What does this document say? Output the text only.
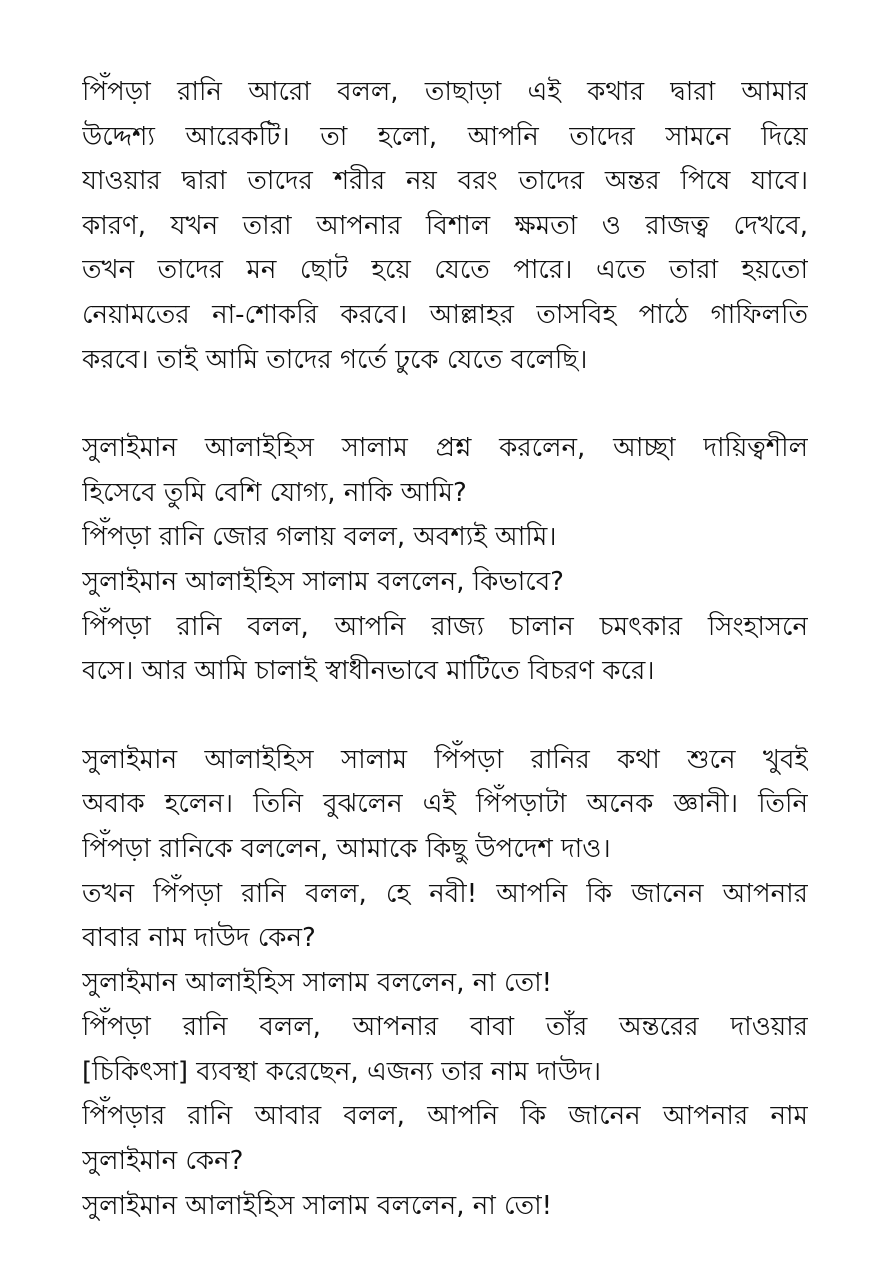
পিঁপড়া রানি আরো বলল, তাছাড়া এই কথার দ্বারা আমার
উদ্দেশ্য আরেকটি। তা হলো, আপনি তাদের সামনে দিয়ে
যাওয়ার দ্বারা তাদের শরীর নয় বরং তাদের অন্তর পিষে যাবে।
কারণ, যখন তারা আপনার বিশাল ক্ষমতা ও রাজত্ব দেখবে,
তখন তাদের মন ছোট হয়ে যেতে পারে। এতে তারা হয়তো
নেয়ামতের না-শোকরি করবে। আল্লাহর তাসবিহ পাঠে গাফিলতি
করবে। তাই আমি তাদের গর্তে ঢুকে যেতে বলেছি।
সুলাইমান আলাইহিস সালাম প্রশ্ন করলেন, আচ্ছা দায়িত্বশীল
হিসেবে তুমি বেশি যোগ্য, নাকি আমি?
পিঁপড়া রানি জোর গলায় বলল, অবশ্যই আমি।
সুলাইমান আলাইহিস সালাম বললেন, কিভাবে?
পিঁপড়া রানি বলল, আপনি রাজ্য চালান চমৎকার সিংহাসনে
বসে। আর আমি চালাই স্বাধীনভাবে মাটিতে বিচরণ করে।
সুলাইমান আলাইহিস সালাম পিঁপড়া রানির কথা শুনে খুবই
অবাক হলেন। তিনি বুঝলেন এই পিঁপড়াটা অনেক জ্ঞানী। তিনি
পিঁপড়া রানিকে বললেন, আমাকে কিছু উপদেশ দাও।
তখন পিঁপড়া রানি বলল, হে নবী! আপনি কি জানেন আপনার
বাবার নাম দাউদ কেন?
সুলাইমান আলাইহিস সালাম বললেন, না তো!
পিঁপড়া রানি বলল, আপনার বাবা তাঁর অন্তরের দাওয়ার
[চিকিৎসা] ব্যবস্থা করেছেন, এজন্য তার নাম দাউদ।
পিঁপড়ার রানি আবার বলল, আপনি কি জানেন আপনার নাম
সুলাইমান কেন?
সুলাইমান আলাইহিস সালাম বললেন, না তো!
